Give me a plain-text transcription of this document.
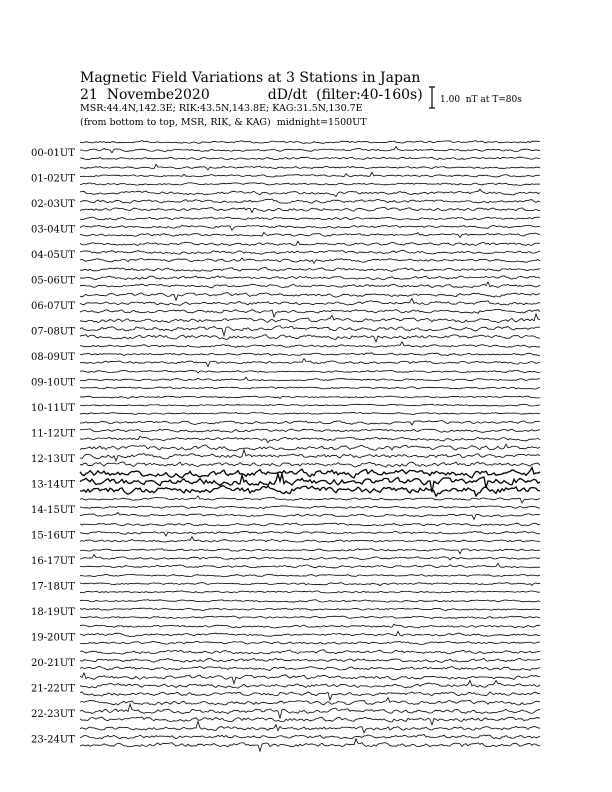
Magnetic Field Variations at 3 Stations in Japan
21  Novembe2020	dD/dt  (filter:40-160s)
MSR:44.4N,142.3E; RIK:43.5N,143.8E; KAG:31.5N,130.7E
(from bottom to top, MSR, RIK, & KAG)  midnight=1500UT
1.00  nT at T=80s
00-01UT
01-02UT
02-03UT
03-04UT
04-05UT
05-06UT
06-07UT
07-08UT
08-09UT
09-10UT
10-11UT
11-12UT
12-13UT
13-14UT
14-15UT
15-16UT
16-17UT
17-18UT
18-19UT
19-20UT
20-21UT
21-22UT
22-23UT
23-24UT
